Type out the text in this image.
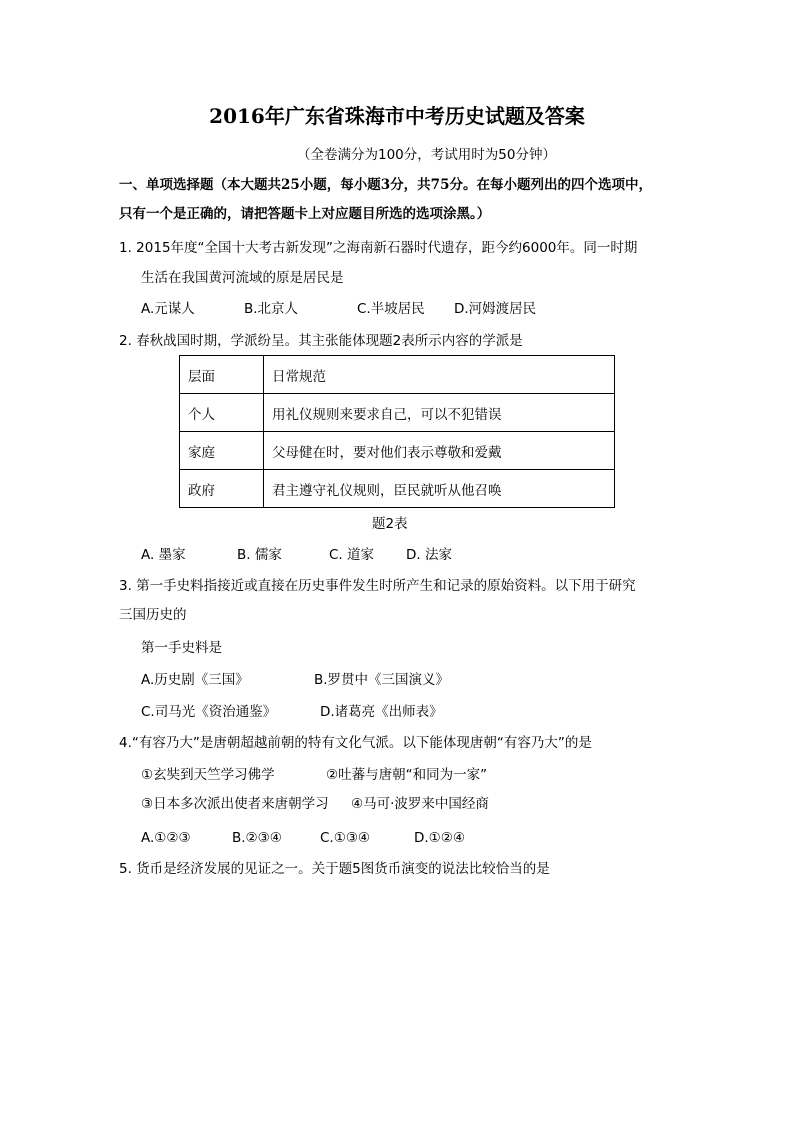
2016年广东省珠海市中考历史试题及答案
（全卷满分为100分，考试用时为50分钟）
一、单项选择题（本大题共25小题，每小题3分，共75分。在每小题列出的四个选项中，
只有一个是正确的，请把答题卡上对应题目所选的选项涂黑。）
1. 2015年度“全国十大考古新发现”之海南新石器时代遗存，距今约6000年。同一时期
生活在我国黄河流域的原是居民是
A.元谋人	B.北京人	C.半坡居民 D.河姆渡居民
2. 春秋战国时期，学派纷呈。其主张能体现题2表所示内容的学派是
层面	日常规范
个人	用礼仪规则来要求自己，可以不犯错误
家庭	父母健在时，要对他们表示尊敬和爱戴
政府	君主遵守礼仪规则，臣民就听从他召唤
题2表
A. 墨家	B. 儒家	C. 道家 D. 法家
3. 第一手史料指接近或直接在历史事件发生时所产生和记录的原始资料。以下用于研究
三国历史的
第一手史料是
A.历史剧《三国》	B.罗贯中《三国演义》
C.司马光《资治通鉴》	D.诸葛亮《出师表》
4.“有容乃大”是唐朝超越前朝的特有文化气派。以下能体现唐朝“有容乃大”的是
①玄奘到天竺学习佛学	②吐蕃与唐朝“和同为一家”
③日本多次派出使者来唐朝学习 ④马可·波罗来中国经商
A.①②③	B.②③④	C.①③④	D.①②④
5. 货币是经济发展的见证之一。关于题5图货币演变的说法比较恰当的是
